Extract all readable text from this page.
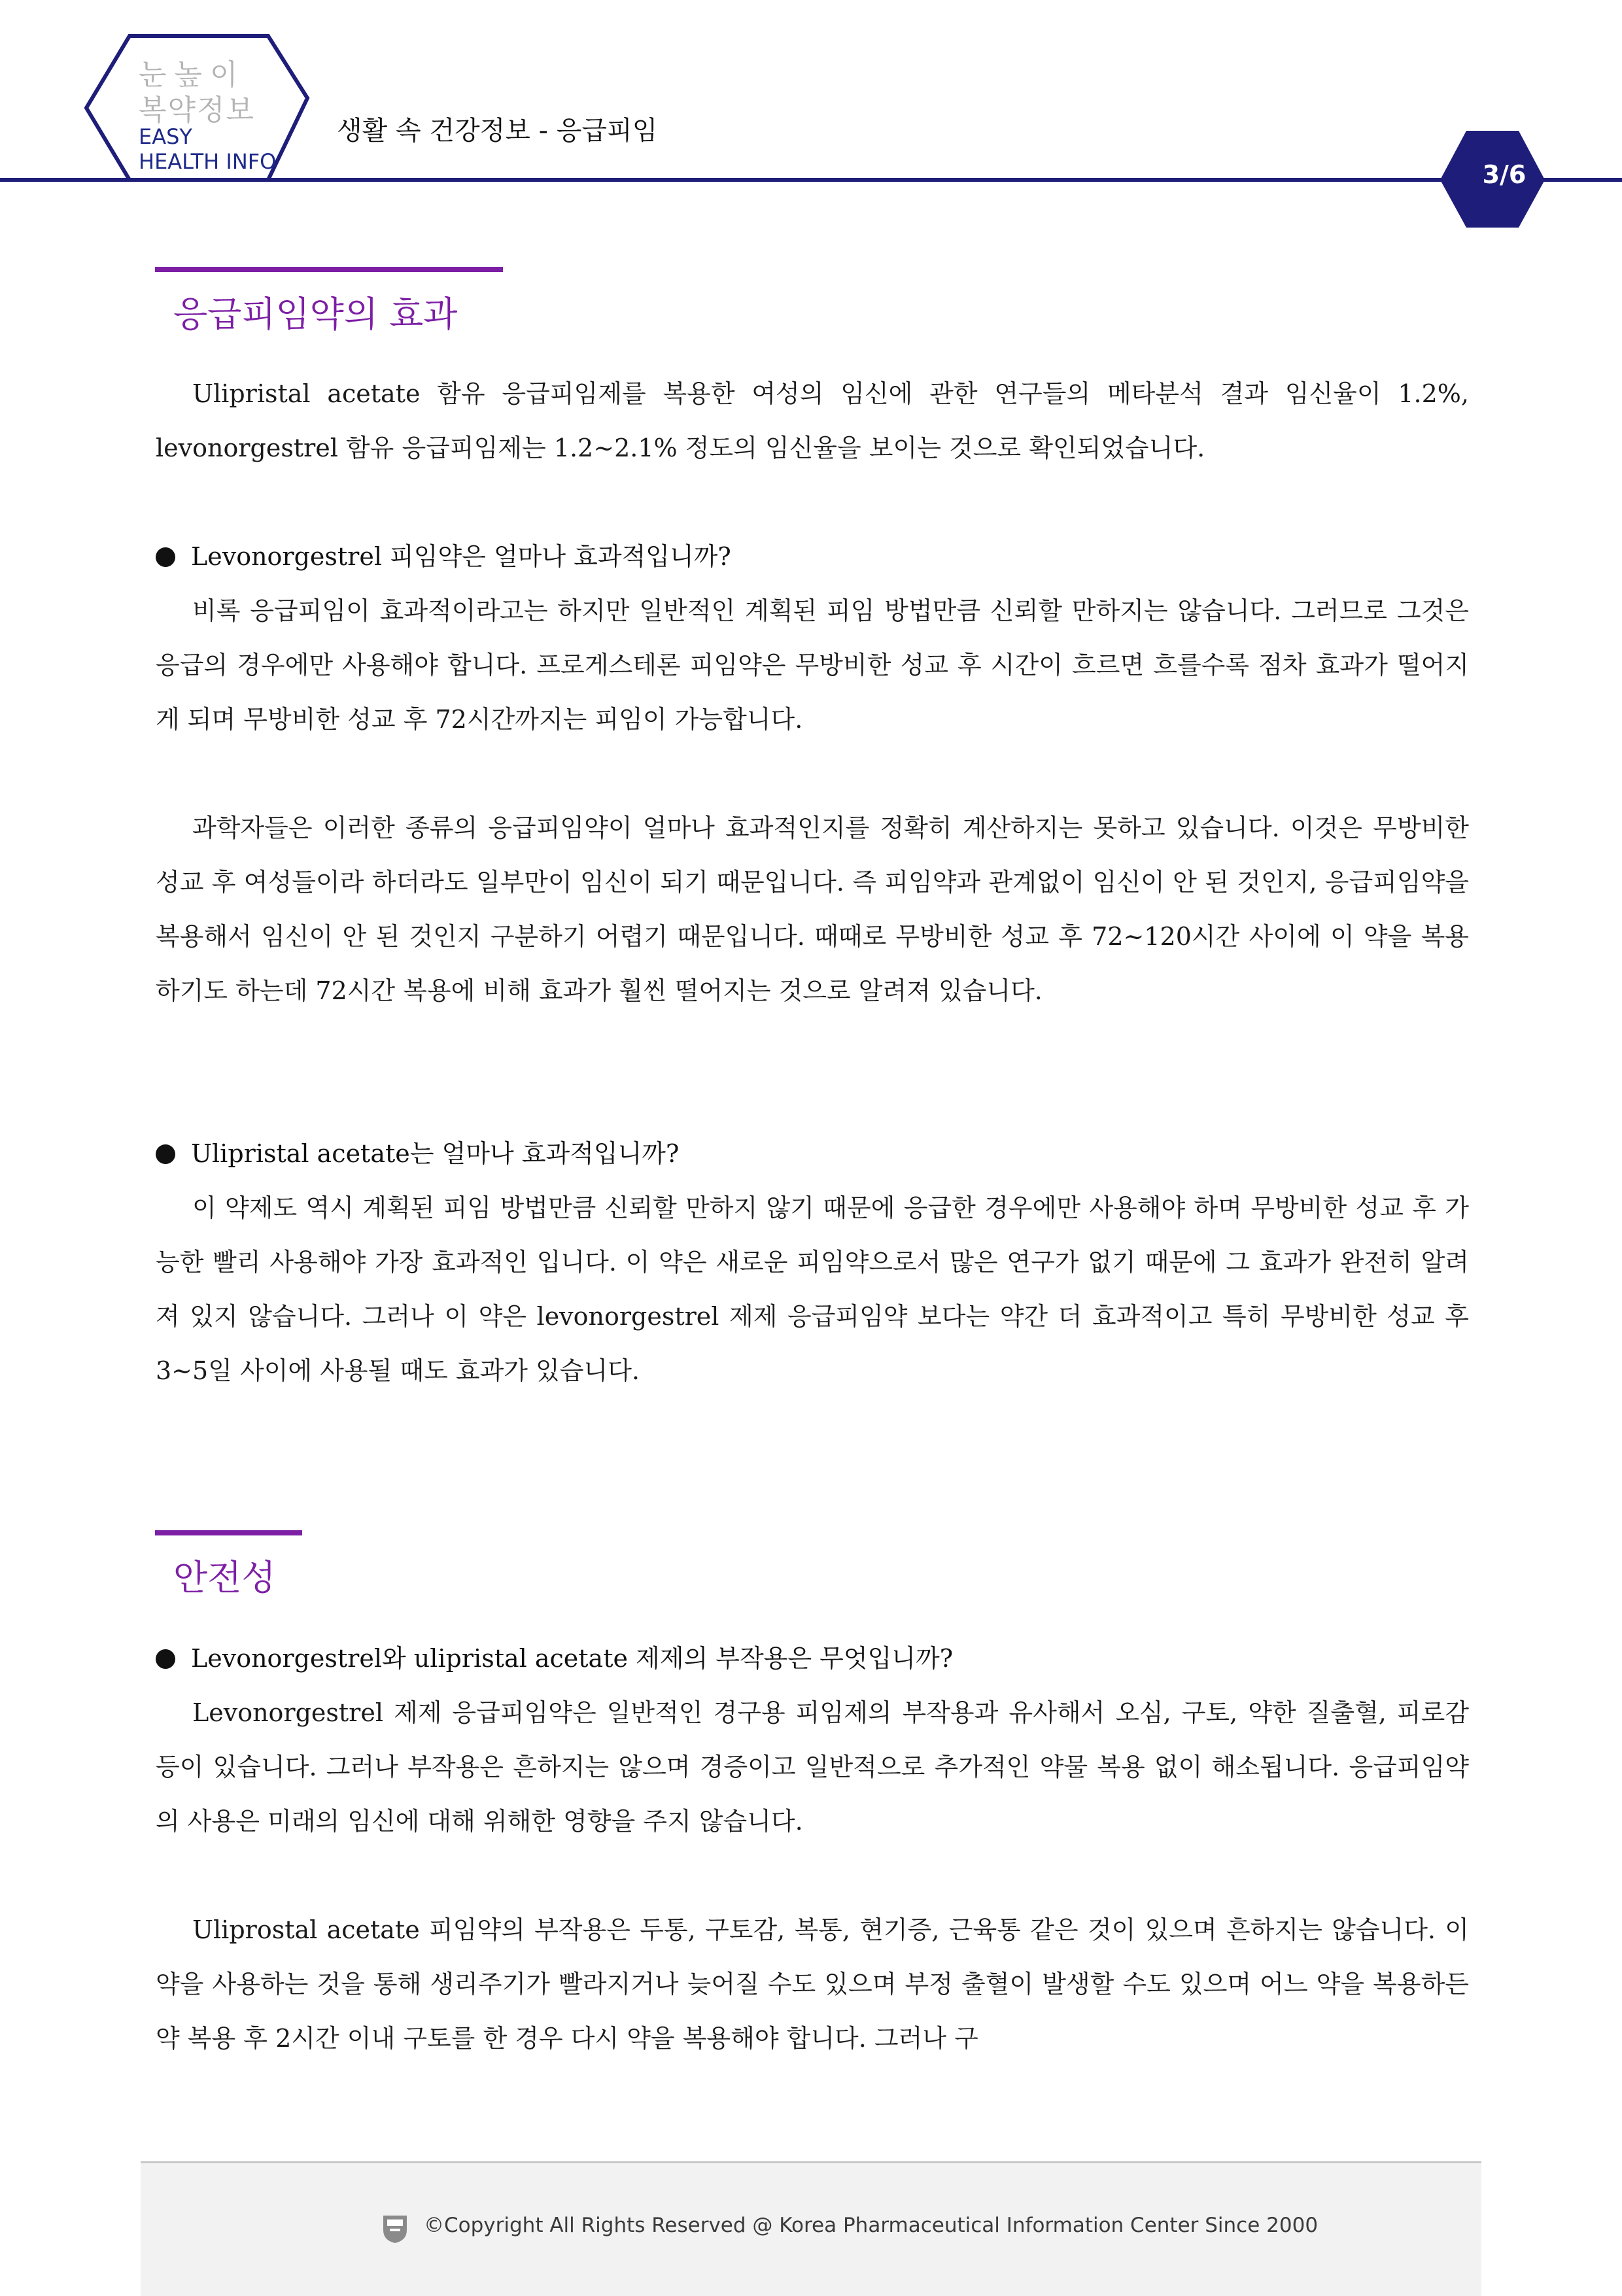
눈높이
복약정보
EASY
HEALTH INFO
생활 속 건강정보 - 응급피임
3/6
응급피임약의 효과

Ulipristal acetate 함유 응급피임제를 복용한 여성의 임신에 관한 연구들의 메타분석 결과 임신율이 1.2%, levonorgestrel 함유 응급피임제는 1.2~2.1% 정도의 임신율을 보이는 것으로 확인되었습니다.

Levonorgestrel 피임약은 얼마나 효과적입니까?

비록 응급피임이 효과적이라고는 하지만 일반적인 계획된 피임 방법만큼 신뢰할 만하지는 않습니다. 그러므로 그것은 응급의 경우에만 사용해야 합니다. 프로게스테론 피임약은 무방비한 성교 후 시간이 흐르면 흐를수록 점차 효과가 떨어지게 되며 무방비한 성교 후 72시간까지는 피임이 가능합니다.

과학자들은 이러한 종류의 응급피임약이 얼마나 효과적인지를 정확히 계산하지는 못하고 있습니다. 이것은 무방비한 성교 후 여성들이라 하더라도 일부만이 임신이 되기 때문입니다. 즉 피임약과 관계없이 임신이 안 된 것인지, 응급피임약을 복용해서 임신이 안 된 것인지 구분하기 어렵기 때문입니다. 때때로 무방비한 성교 후 72~120시간 사이에 이 약을 복용하기도 하는데 72시간 복용에 비해 효과가 훨씬 떨어지는 것으로 알려져 있습니다.

Ulipristal acetate는 얼마나 효과적입니까?

이 약제도 역시 계획된 피임 방법만큼 신뢰할 만하지 않기 때문에 응급한 경우에만 사용해야 하며 무방비한 성교 후 가능한 빨리 사용해야 가장 효과적인 입니다. 이 약은 새로운 피임약으로서 많은 연구가 없기 때문에 그 효과가 완전히 알려져 있지 않습니다. 그러나 이 약은 levonorgestrel 제제 응급피임약 보다는 약간 더 효과적이고 특히 무방비한 성교 후 3~5일 사이에 사용될 때도 효과가 있습니다.

안전성
Levonorgestrel와 ulipristal acetate 제제의 부작용은 무엇입니까?

Levonorgestrel 제제 응급피임약은 일반적인 경구용 피임제의 부작용과 유사해서 오심, 구토, 약한 질출혈, 피로감 등이 있습니다. 그러나 부작용은 흔하지는 않으며 경증이고 일반적으로 추가적인 약물 복용 없이 해소됩니다. 응급피임약의 사용은 미래의 임신에 대해 위해한 영향을 주지 않습니다.

Uliprostal acetate 피임약의 부작용은 두통, 구토감, 복통, 현기증, 근육통 같은 것이 있으며 흔하지는 않습니다. 이 약을 사용하는 것을 통해 생리주기가 빨라지거나 늦어질 수도 있으며 부정 출혈이 발생할 수도 있으며 어느 약을 복용하든 약 복용 후 2시간 이내 구토를 한 경우 다시 약을 복용해야 합니다. 그러나 구

©Copyright All Rights Reserved @ Korea Pharmaceutical Information Center Since 2000
